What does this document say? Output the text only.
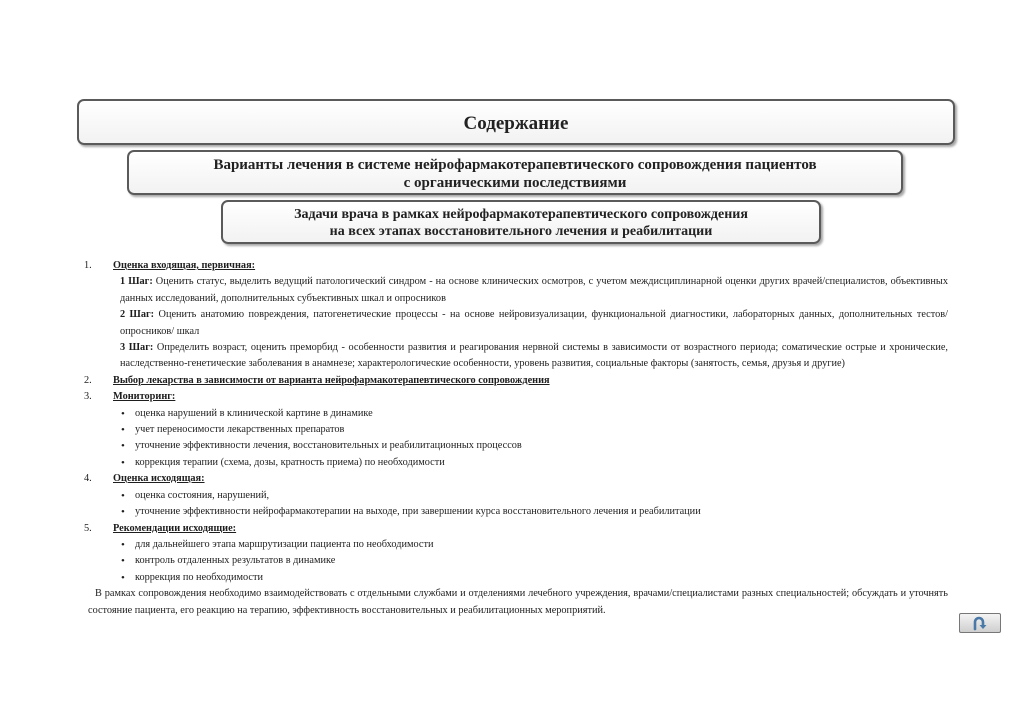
Содержание
Варианты лечения в системе нейрофармакотерапевтического сопровождения пациентов
с органическими последствиями
Задачи врача в рамках нейрофармакотерапевтического сопровождения
на всех этапах восстановительного лечения и реабилитации
1. Оценка входящая, первичная:
1 Шаг: Оценить статус, выделить ведущий патологический синдром - на основе клинических осмотров, с учетом междисциплинарной оценки других врачей/специалистов, объективных данных исследований, дополнительных субъективных шкал и опросников
2 Шаг: Оценить анатомию повреждения, патогенетические процессы - на основе нейровизуализации, функциональной диагностики, лабораторных данных, дополнительных тестов/опросников/ шкал
3 Шаг: Определить возраст, оценить преморбид - особенности развития и реагирования нервной системы в зависимости от возрастного периода; соматические острые и хронические, наследственно-генетические заболевания в анамнезе; характерологические особенности, уровень развития, социальные факторы (занятость, семья, друзья и другие)
2. Выбор лекарства в зависимости от варианта нейрофармакотерапевтического сопровождения
3. Мониторинг:
• оценка нарушений в клинической картине в динамике
• учет переносимости лекарственных препаратов
• уточнение эффективности лечения, восстановительных и реабилитационных процессов
• коррекция терапии (схема, дозы, кратность приема) по необходимости
4. Оценка исходящая:
• оценка состояния, нарушений,
• уточнение эффективности нейрофармакотерапии на выходе, при завершении курса восстановительного лечения и реабилитации
5. Рекомендации исходящие:
• для дальнейшего этапа маршрутизации пациента по необходимости
• контроль отдаленных результатов в динамике
• коррекция по необходимости
В рамках сопровождения необходимо взаимодействовать с отдельными службами и отделениями лечебного учреждения, врачами/специалистами разных специальностей; обсуждать и уточнять состояние пациента, его реакцию на терапию, эффективность восстановительных и реабилитационных мероприятий.
